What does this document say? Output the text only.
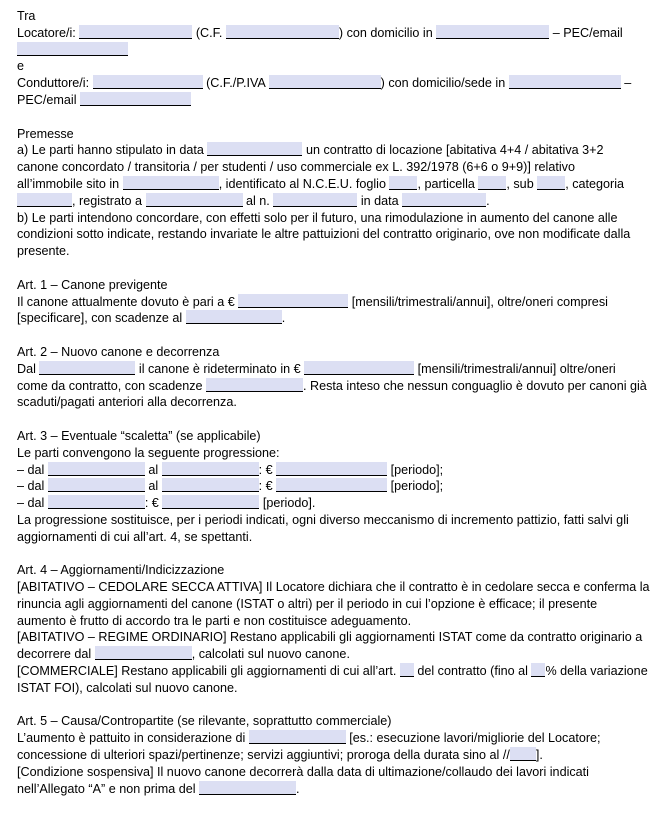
Tra
Locatore/i:	(C.F.	) con domicilio in	– PEC/email
e
Conduttore/i:	(C.F./P.IVA	) con domicilio/sede in	–
PEC/email
Premesse
a) Le parti hanno stipulato in data	un contratto di locazione [abitativa 4+4 / abitativa 3+2
canone concordato / transitoria / per studenti / uso commerciale ex L. 392/1978 (6+6 o 9+9)] relativo
all’immobile sito in	, identificato al N.C.E.U. foglio	, particella	, sub	, categoria
, registrato a	al n.	in data	.
b) Le parti intendono concordare, con effetti solo per il futuro, una rimodulazione in aumento del canone alle
condizioni sotto indicate, restando invariate le altre pattuizioni del contratto originario, ove non modificate dalla
presente.
Art. 1 – Canone previgente
Il canone attualmente dovuto è pari a €	[mensili/trimestrali/annui], oltre/oneri compresi
[specificare], con scadenze al	.
Art. 2 – Nuovo canone e decorrenza
Dal	il canone è rideterminato in €	[mensili/trimestrali/annui] oltre/oneri
come da contratto, con scadenze	. Resta inteso che nessun conguaglio è dovuto per canoni già
scaduti/pagati anteriori alla decorrenza.
Art. 3 – Eventuale “scaletta” (se applicabile)
Le parti convengono la seguente progressione:
– dal	al	: €	[periodo];
– dal	al	: €	[periodo];
– dal	: €	[periodo].
La progressione sostituisce, per i periodi indicati, ogni diverso meccanismo di incremento pattizio, fatti salvi gli
aggiornamenti di cui all’art. 4, se spettanti.
Art. 4 – Aggiornamenti/Indicizzazione
[ABITATIVO – CEDOLARE SECCA ATTIVA] Il Locatore dichiara che il contratto è in cedolare secca e conferma la
rinuncia agli aggiornamenti del canone (ISTAT o altri) per il periodo in cui l’opzione è efficace; il presente
aumento è frutto di accordo tra le parti e non costituisce adeguamento.
[ABITATIVO – REGIME ORDINARIO] Restano applicabili gli aggiornamenti ISTAT come da contratto originario a
decorrere dal	, calcolati sul nuovo canone.
[COMMERCIALE] Restano applicabili gli aggiornamenti di cui all’art. del contratto (fino al % della variazione
ISTAT FOI), calcolati sul nuovo canone.
Art. 5 – Causa/Contropartite (se rilevante, soprattutto commerciale)
L’aumento è pattuito in considerazione di	[es.: esecuzione lavori/migliorie del Locatore;
concessione di ulteriori spazi/pertinenze; servizi aggiuntivi; proroga della durata sino al // ].
[Condizione sospensiva] Il nuovo canone decorrerà dalla data di ultimazione/collaudo dei lavori indicati
nell’Allegato “A” e non prima del	.
